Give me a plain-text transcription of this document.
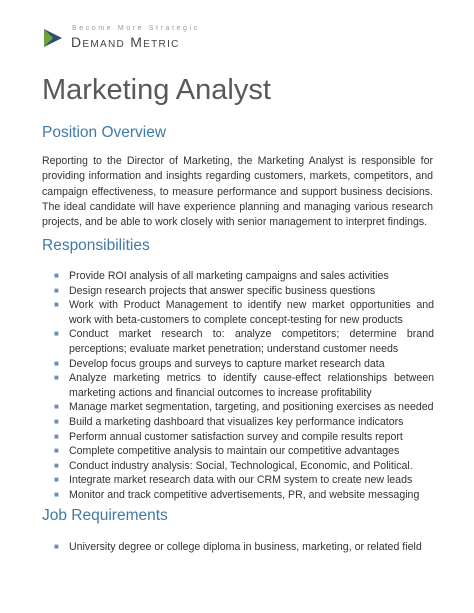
Become More Strategic
Demand Metric
Marketing Analyst
Position Overview

Reporting to the Director of Marketing, the Marketing Analyst is responsible for providing information and insights regarding customers, markets, competitors, and campaign effectiveness, to measure performance and support business decisions. The ideal candidate will have experience planning and managing various research projects, and be able to work closely with senior management to interpret findings.

Responsibilities
■ Provide ROI analysis of all marketing campaigns and sales activities
■ Design research projects that answer specific business questions
■ Work with Product Management to identify new market opportunities and work with beta-customers to complete concept-testing for new products
■ Conduct market research to: analyze competitors; determine brand perceptions; evaluate market penetration; understand customer needs
■ Develop focus groups and surveys to capture market research data
■ Analyze marketing metrics to identify cause-effect relationships between marketing actions and financial outcomes to increase profitability
■ Manage market segmentation, targeting, and positioning exercises as needed
■ Build a marketing dashboard that visualizes key performance indicators
■ Perform annual customer satisfaction survey and compile results report
■ Complete competitive analysis to maintain our competitive advantages
■ Conduct industry analysis: Social, Technological, Economic, and Political.
■ Integrate market research data with our CRM system to create new leads
■ Monitor and track competitive advertisements, PR, and website messaging
Job Requirements
■ University degree or college diploma in business, marketing, or related field
